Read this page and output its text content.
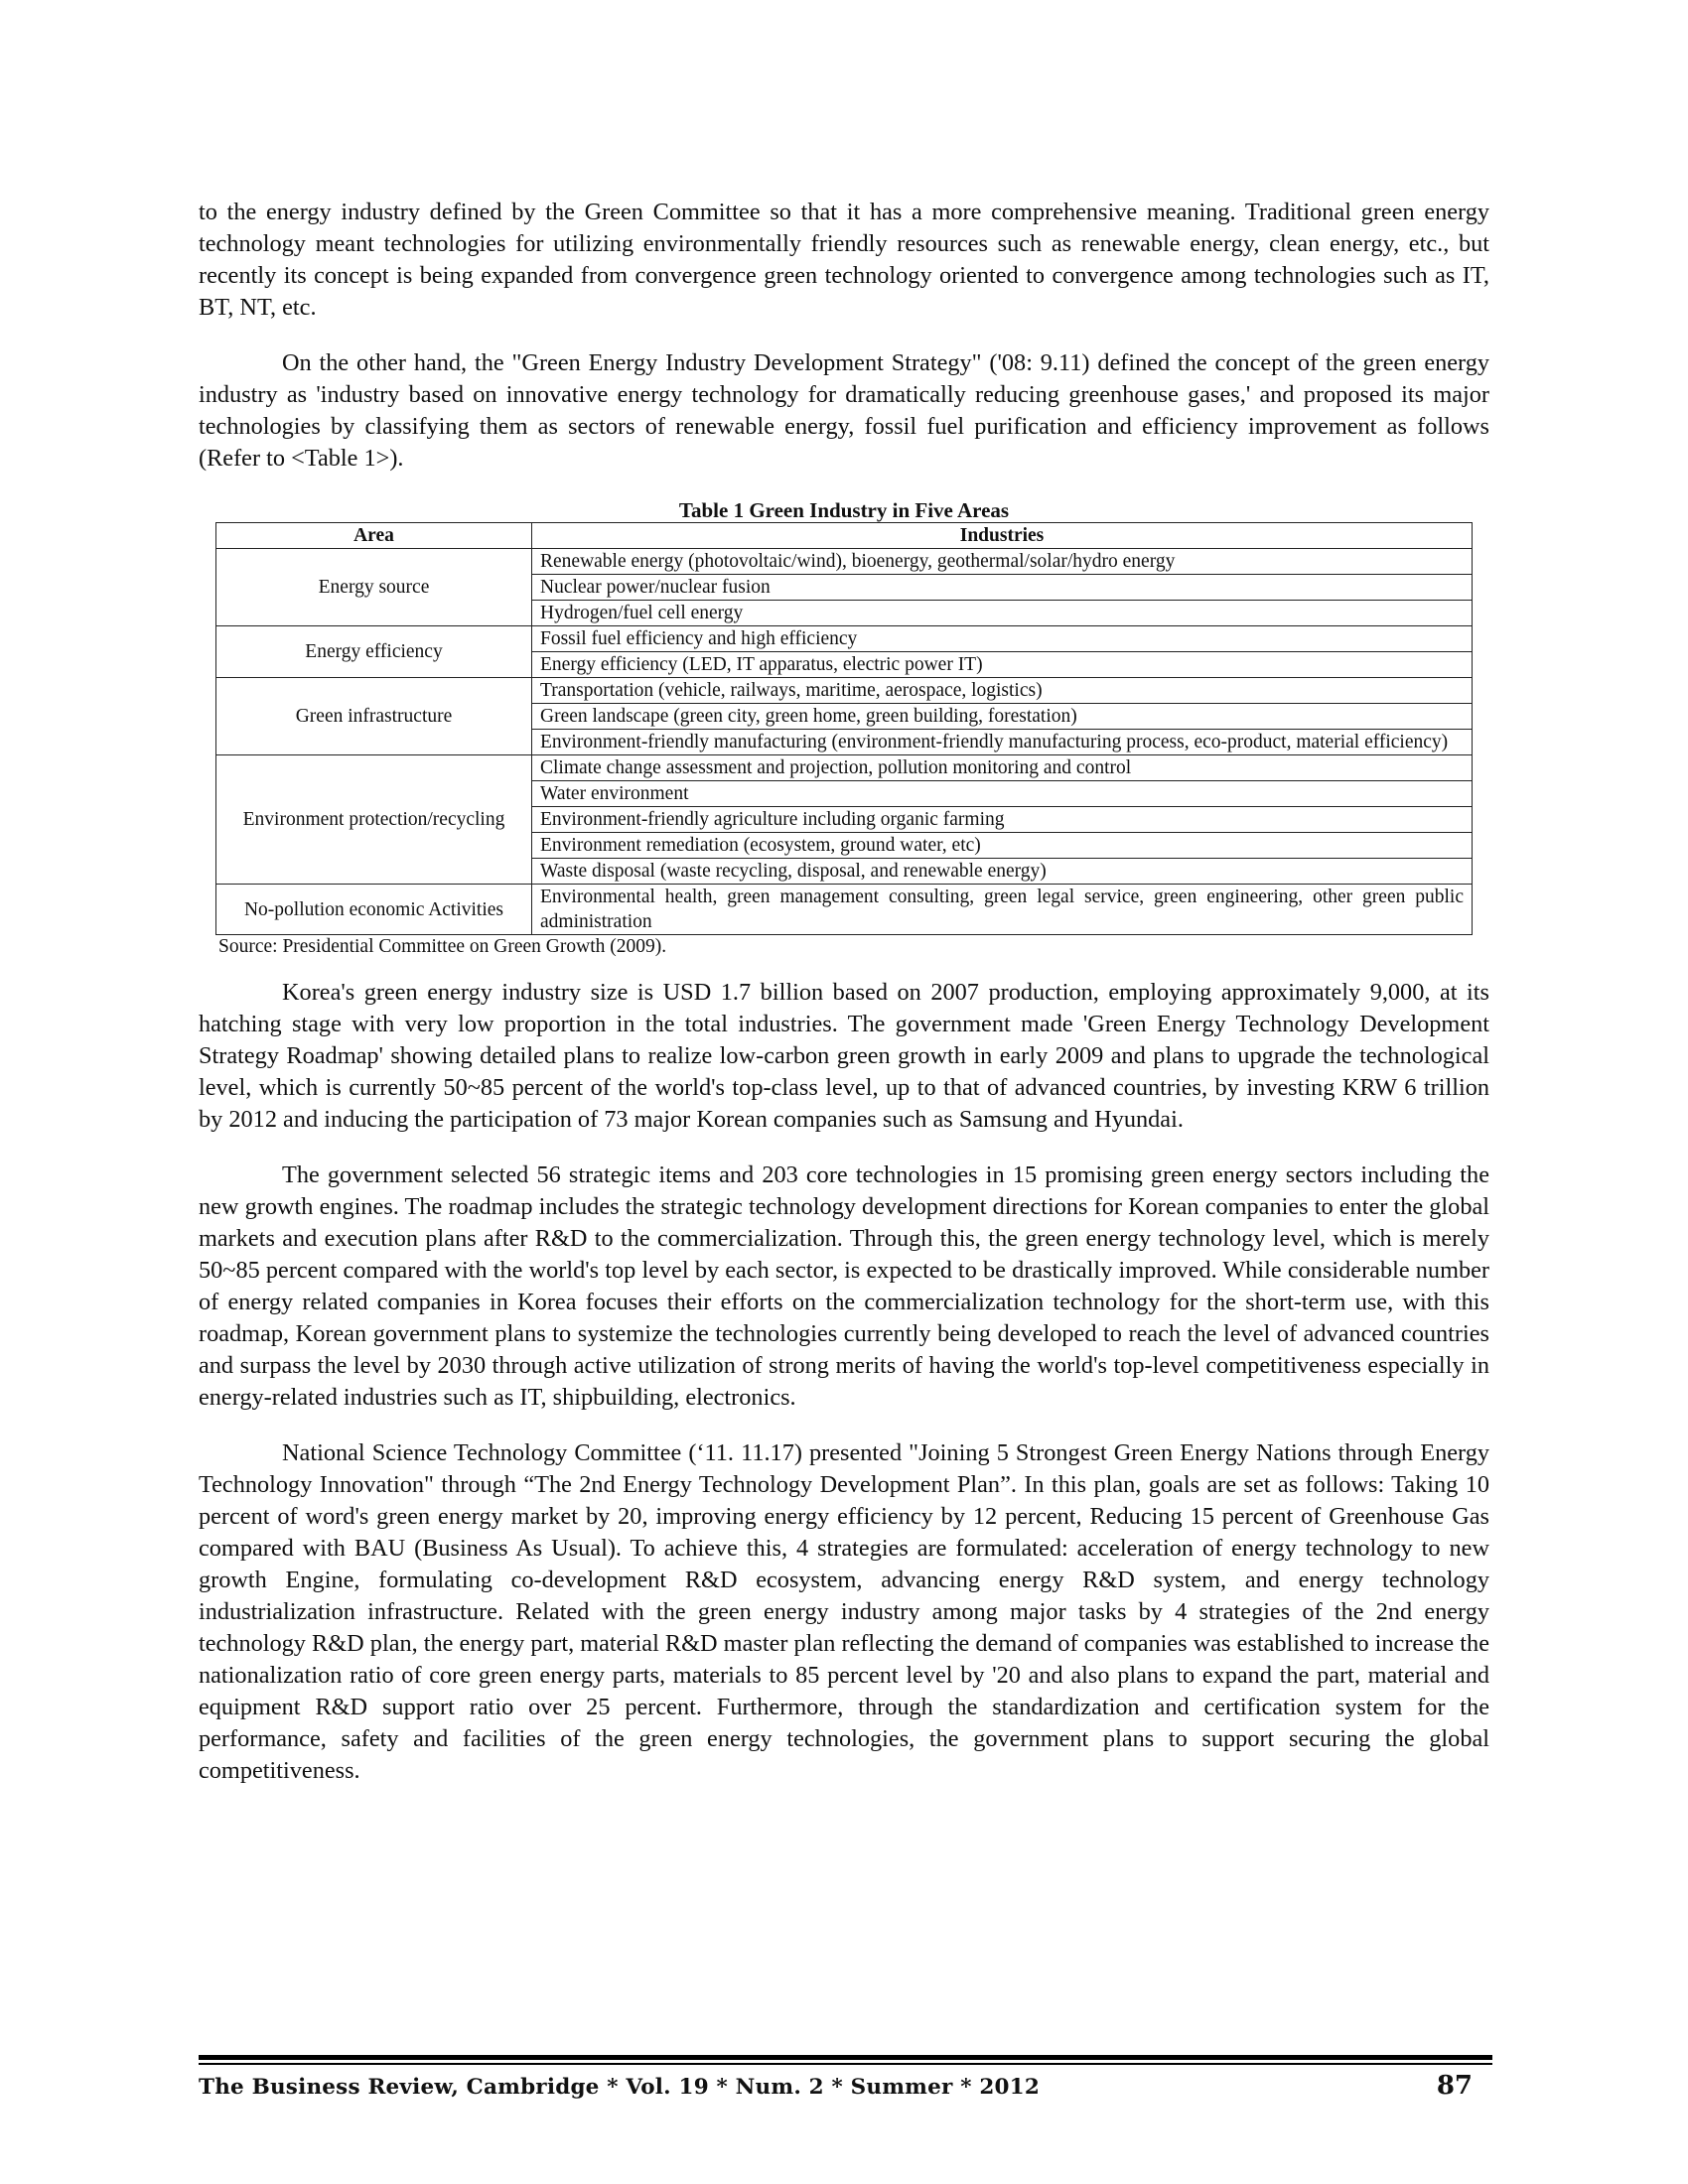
to the energy industry defined by the Green Committee so that it has a more comprehensive meaning. Traditional green energy technology meant technologies for utilizing environmentally friendly resources such as renewable energy, clean energy, etc., but recently its concept is being expanded from convergence green technology oriented to convergence among technologies such as IT, BT, NT, etc.

On the other hand, the "Green Energy Industry Development Strategy" ('08: 9.11) defined the concept of the green energy industry as 'industry based on innovative energy technology for dramatically reducing greenhouse gases,' and proposed its major technologies by classifying them as sectors of renewable energy, fossil fuel purification and efficiency improvement as follows (Refer to <Table 1>).

Table 1 Green Industry in Five Areas
Area	Industries
Energy source	Renewable energy (photovoltaic/wind), bioenergy, geothermal/solar/hydro energy
	Nuclear power/nuclear fusion
	Hydrogen/fuel cell energy
Energy efficiency	Fossil fuel efficiency and high efficiency
	Energy efficiency (LED, IT apparatus, electric power IT)
Green infrastructure	Transportation (vehicle, railways, maritime, aerospace, logistics)
	Green landscape (green city, green home, green building, forestation)
	Environment-friendly manufacturing (environment-friendly manufacturing process, eco-product, material efficiency)
Environment protection/recycling	Climate change assessment and projection, pollution monitoring and control
	Water environment
	Environment-friendly agriculture including organic farming
	Environment remediation (ecosystem, ground water, etc)
	Waste disposal (waste recycling, disposal, and renewable energy)
No-pollution economic Activities	Environmental health, green management consulting, green legal service, green engineering, other green public administration
Source: Presidential Committee on Green Growth (2009).

Korea's green energy industry size is USD 1.7 billion based on 2007 production, employing approximately 9,000, at its hatching stage with very low proportion in the total industries. The government made 'Green Energy Technology Development Strategy Roadmap' showing detailed plans to realize low-carbon green growth in early 2009 and plans to upgrade the technological level, which is currently 50~85 percent of the world's top-class level, up to that of advanced countries, by investing KRW 6 trillion by 2012 and inducing the participation of 73 major Korean companies such as Samsung and Hyundai.

The government selected 56 strategic items and 203 core technologies in 15 promising green energy sectors including the new growth engines. The roadmap includes the strategic technology development directions for Korean companies to enter the global markets and execution plans after R&D to the commercialization. Through this, the green energy technology level, which is merely 50~85 percent compared with the world's top level by each sector, is expected to be drastically improved. While considerable number of energy related companies in Korea focuses their efforts on the commercialization technology for the short-term use, with this roadmap, Korean government plans to systemize the technologies currently being developed to reach the level of advanced countries and surpass the level by 2030 through active utilization of strong merits of having the world's top-level competitiveness especially in energy-related industries such as IT, shipbuilding, electronics.

National Science Technology Committee (‘11. 11.17) presented "Joining 5 Strongest Green Energy Nations through Energy Technology Innovation" through “The 2nd Energy Technology Development Plan”. In this plan, goals are set as follows: Taking 10 percent of word's green energy market by 20, improving energy efficiency by 12 percent, Reducing 15 percent of Greenhouse Gas compared with BAU (Business As Usual). To achieve this, 4 strategies are formulated: acceleration of energy technology to new growth Engine, formulating co-development R&D ecosystem, advancing energy R&D system, and energy technology industrialization infrastructure. Related with the green energy industry among major tasks by 4 strategies of the 2nd energy technology R&D plan, the energy part, material R&D master plan reflecting the demand of companies was established to increase the nationalization ratio of core green energy parts, materials to 85 percent level by '20 and also plans to expand the part, material and equipment R&D support ratio over 25 percent. Furthermore, through the standardization and certification system for the performance, safety and facilities of the green energy technologies, the government plans to support securing the global competitiveness.

The Business Review, Cambridge * Vol. 19 * Num. 2 * Summer * 2012	87
